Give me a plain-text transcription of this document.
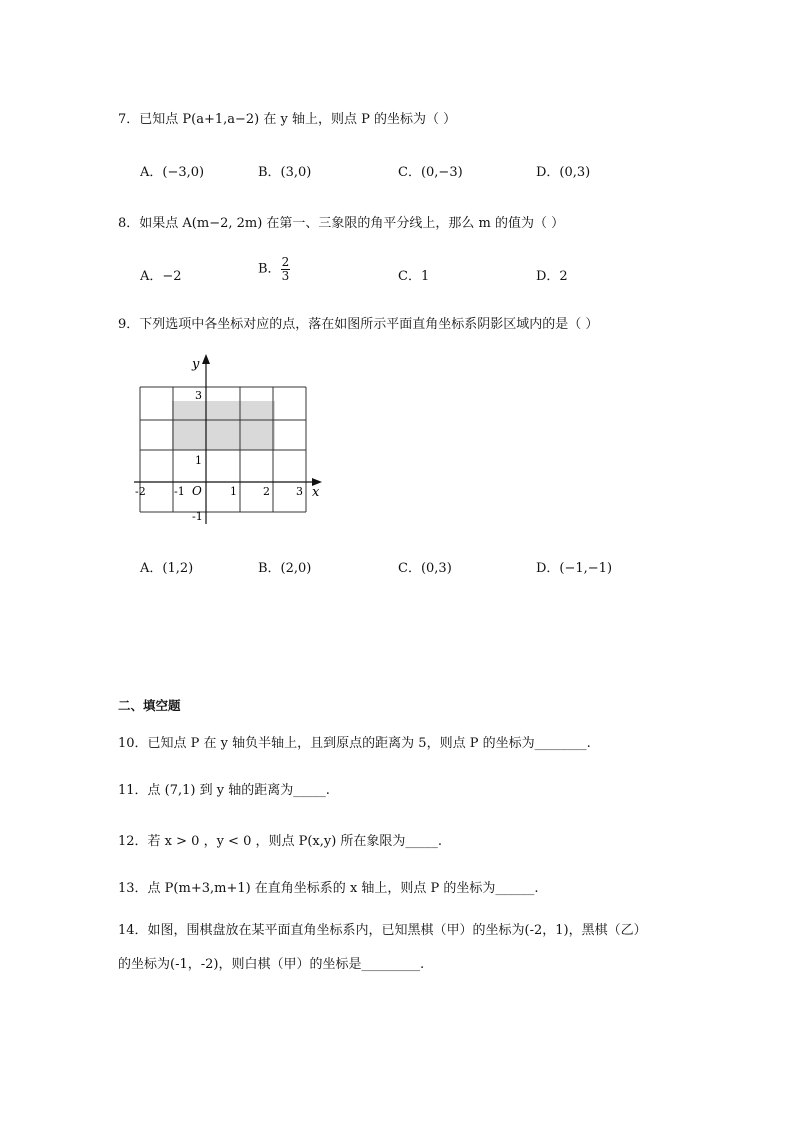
7．已知点 P(a+1,a−2) 在 y 轴上，则点 P 的坐标为（ ）
A．(−3,0)	B．(3,0)	C．(0,−3)	D．(0,3)
8．如果点 A(m−2, 2m) 在第一、三象限的角平分线上，那么 m 的值为（ ）
A．−2	B． $\frac{2}{3}$	C．1	D．2
9．下列选项中各坐标对应的点，落在如图所示平面直角坐标系阴影区域内的是（ ）
y
x
O
-2	-1	1 2 3
3
1
-1
A．(1,2)	B．(2,0)	C．(0,3)	D．(−1,−1)
二、填空题
10．已知点 P 在 y 轴负半轴上，且到原点的距离为 5，则点 P 的坐标为________.
11．点 (7,1) 到 y 轴的距离为_____.
12．若 x > 0 ，y < 0 ，则点 P(x,y) 所在象限为_____.
13．点 P(m+3,m+1) 在直角坐标系的 x 轴上，则点 P 的坐标为______.
14．如图，围棋盘放在某平面直角坐标系内，已知黑棋（甲）的坐标为(-2，1)，黑棋（乙）
的坐标为(-1，-2)，则白棋（甲）的坐标是_________.
